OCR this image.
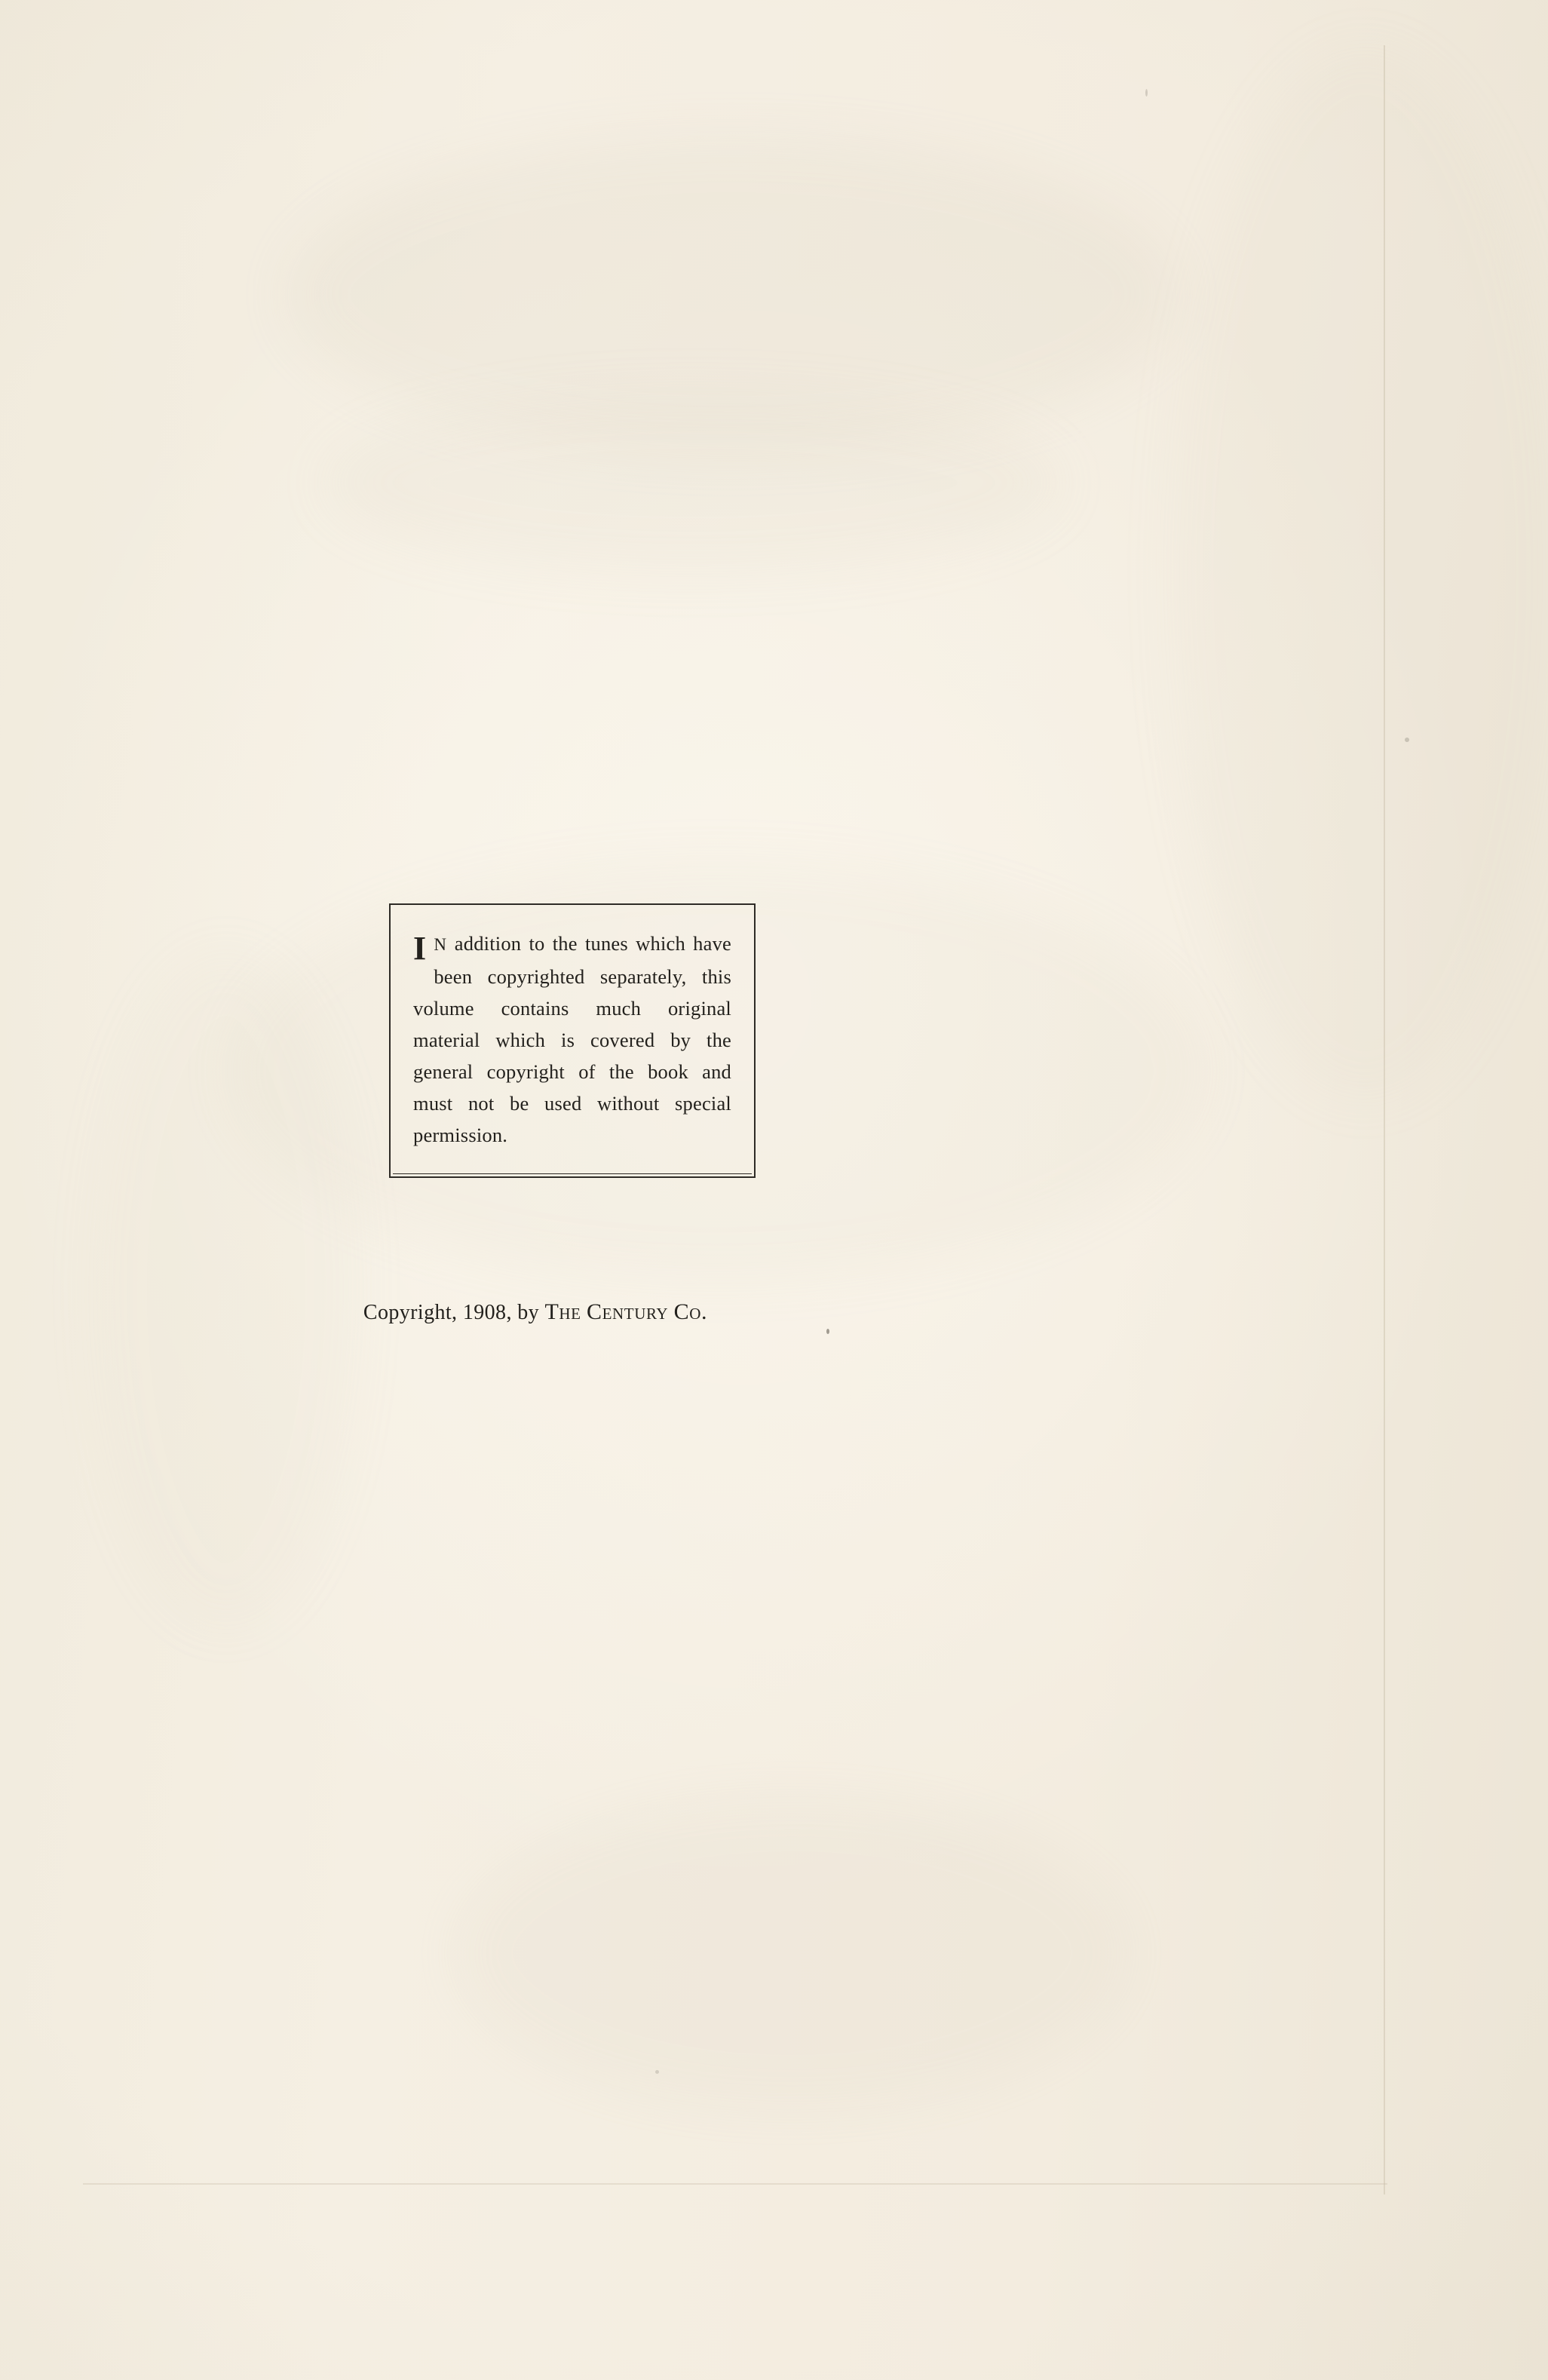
I N addition to the tunes which have been copyrighted separately, this volume contains much original material which is covered by the general copyright of the book and must not be used without special permission.

Copyright, 1908, by The Century Co.
